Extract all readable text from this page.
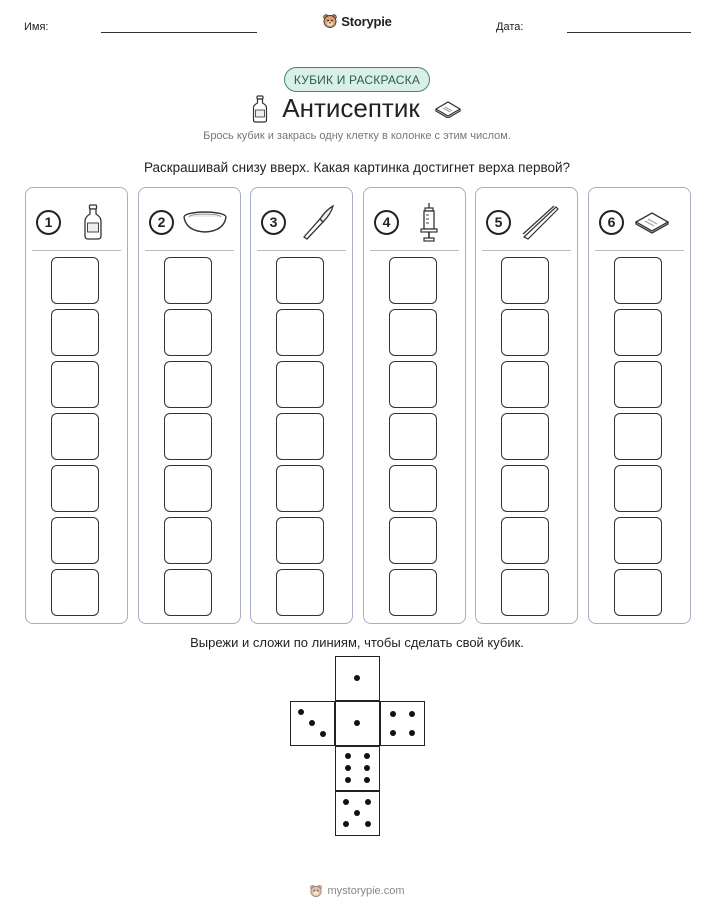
Имя:	Storypie	Дата:
КУБИК И РАСКРАСКА
Антисептик
Брось кубик и закрась одну клетку в колонке с этим числом.
Раскрашивай снизу вверх. Какая картинка достигнет верха первой?
1	2	3	4	5	6
Вырежи и сложи по линиям, чтобы сделать свой кубик.
mystorypie.com
